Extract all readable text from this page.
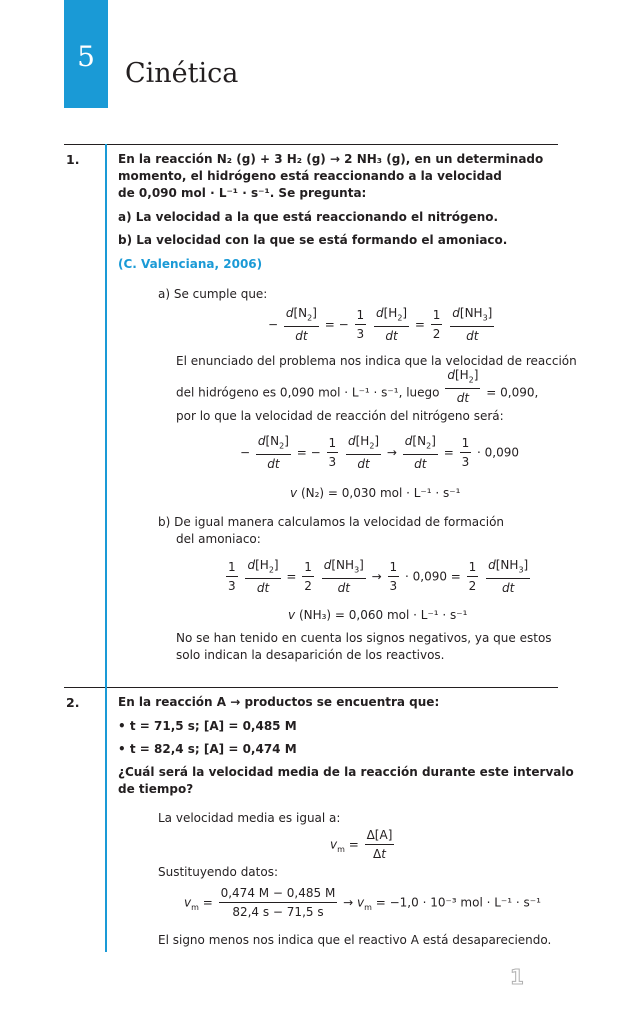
5
Cinética
1.	En la reacción N₂ (g) + 3 H₂ (g) → 2 NH₃ (g), en un determinado
momento, el hidrógeno está reaccionando a la velocidad
de 0,090 mol · L⁻¹ · s⁻¹. Se pregunta:
a) La velocidad a la que está reaccionando el nitrógeno.
b) La velocidad con la que se está formando el amoniaco.
(C. Valenciana, 2006)
a) Se cumple que:
− $\frac{d[N_2]}{dt}$ = − $\frac{1}{3}$
$\frac{d[H_2]}{dt} = \frac{1}{2}$
$\frac{d[NH_3]}{dt}$
El enunciado del problema nos indica que la velocidad de reacción
del hidrógeno es 0,090 mol · L⁻¹ · s⁻¹, luego $\frac{d[H_2]}{dt} = 0,090$,
por lo que la velocidad de reacción del nitrógeno será:
− $\frac{d[N_2]}{dt}$ = − $\frac{1}{3}$
$\frac{d[H_2]}{dt} \to \frac{d[N_2]}{dt} = \frac{1}{3} \cdot 0,090$
v (N₂) = 0,030 mol · L⁻¹ · s⁻¹
b) De igual manera calculamos la velocidad de formación
del amoniaco:
$\frac{1}{3}$
$\frac{d[H_2]}{dt} = \frac{1}{2}$
$\frac{d[NH_3]}{dt} \to \frac{1}{3} \cdot 0,090 = \frac{1}{2}$
$\frac{d[NH_3]}{dt}$
v (NH₃) = 0,060 mol · L⁻¹ · s⁻¹
No se han tenido en cuenta los signos negativos, ya que estos
solo indican la desaparición de los reactivos.
2.	En la reacción A → productos se encuentra que:
• t = 71,5 s; [A] = 0,485 M
• t = 82,4 s; [A] = 0,474 M
¿Cuál será la velocidad media de la reacción durante este intervalo
de tiempo?
La velocidad media es igual a:
$v_m = \frac{\Delta[A]}{\Delta t}$
Sustituyendo datos:
$v_m = \frac{0,474 M - 0,485 M}{82,4 s - 71,5 s} \to v_m = -1,0 \cdot 10^{-3}$ mol · L⁻¹ · s⁻¹
El signo menos nos indica que el reactivo A está desapareciendo.
1
